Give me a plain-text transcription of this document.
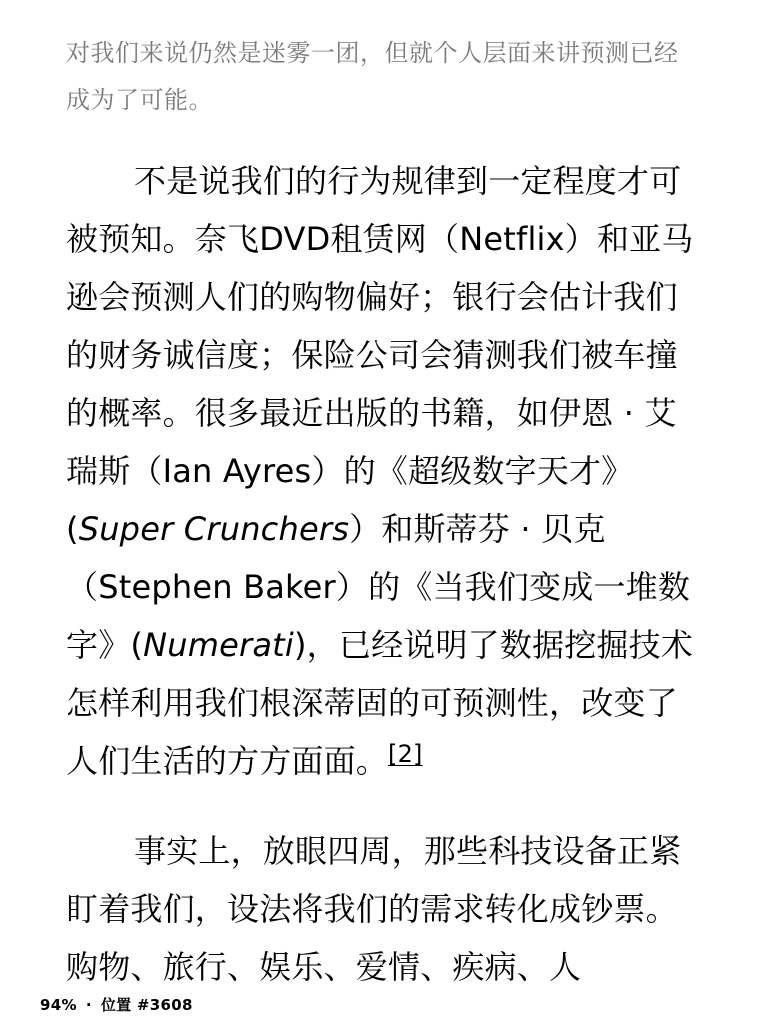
对我们来说仍然是迷雾一团，但就个人层面来讲预测已经成为了可能。

不是说我们的行为规律到一定程度才可被预知。奈飞DVD租赁网（Netflix）和亚马逊会预测人们的购物偏好；银行会估计我们的财务诚信度；保险公司会猜测我们被车撞的概率。很多最近出版的书籍，如伊恩 · 艾瑞斯（Ian Ayres）的《超级数字天才》(Super Crunchers）和斯蒂芬 · 贝克（Stephen Baker）的《当我们变成一堆数字》(Numerati)，已经说明了数据挖掘技术怎样利用我们根深蒂固的可预测性，改变了人们生活的方方面面。[2]

事实上，放眼四周，那些科技设备正紧盯着我们，设法将我们的需求转化成钞票。购物、旅行、娱乐、爱情、疾病、人

94% · 位置 #3608
